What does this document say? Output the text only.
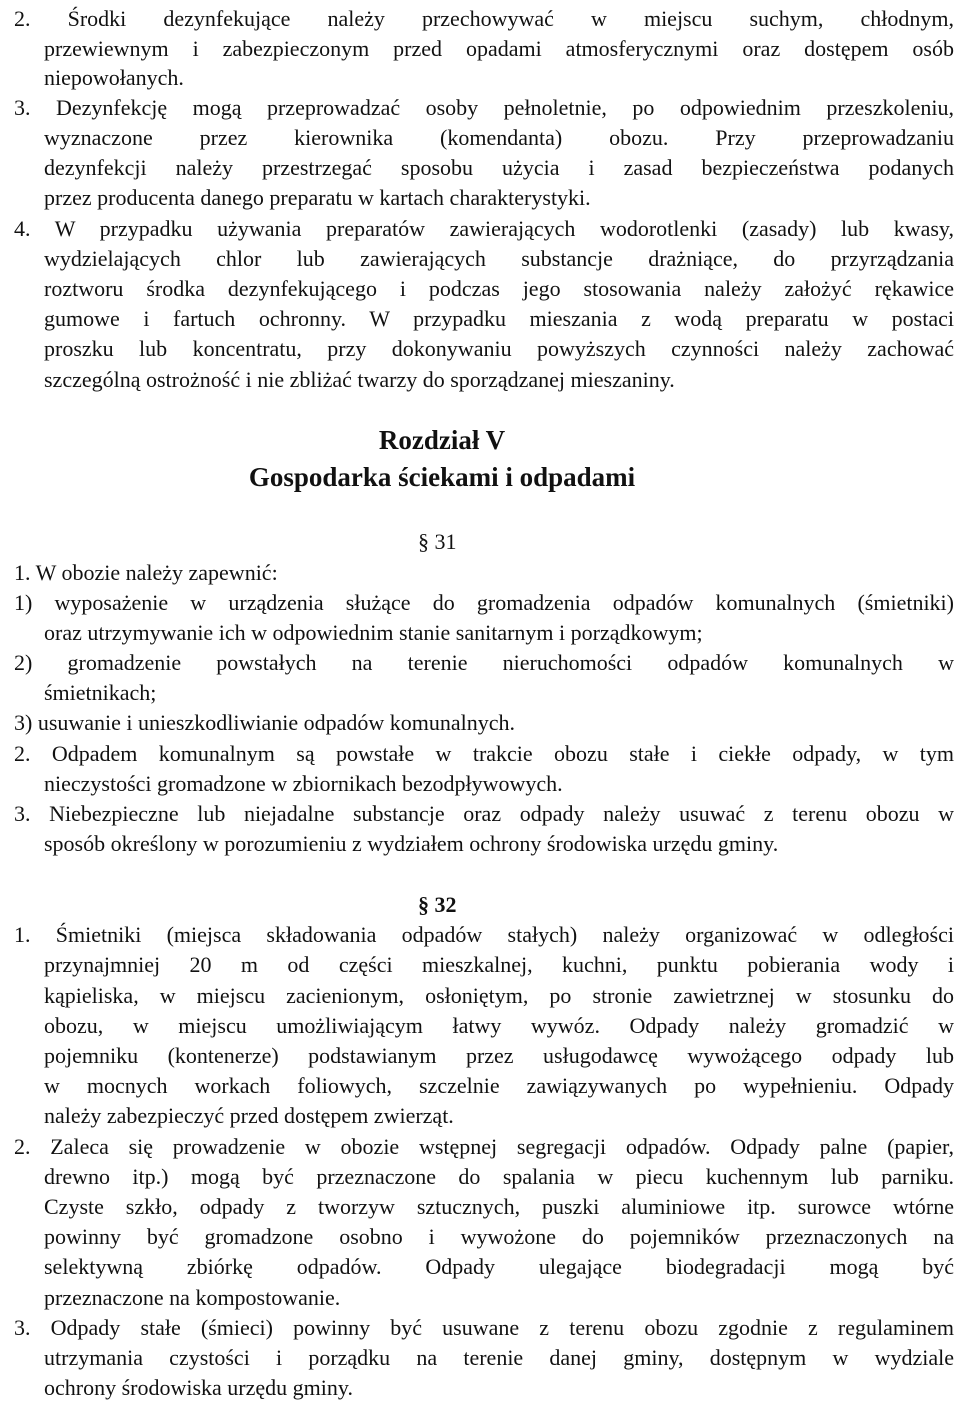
2. Środki dezynfekujące należy przechowywać w miejscu suchym, chłodnym,
przewiewnym i zabezpieczonym przed opadami atmosferycznymi oraz dostępem osób
niepowołanych.
3. Dezynfekcję mogą przeprowadzać osoby pełnoletnie, po odpowiednim przeszkoleniu,
wyznaczone przez kierownika (komendanta) obozu. Przy przeprowadzaniu
dezynfekcji należy przestrzegać sposobu użycia i zasad bezpieczeństwa podanych
przez producenta danego preparatu w kartach charakterystyki.
4. W przypadku używania preparatów zawierających wodorotlenki (zasady) lub kwasy,
wydzielających chlor lub zawierających substancje drażniące, do przyrządzania
roztworu środka dezynfekującego i podczas jego stosowania należy założyć rękawice
gumowe i fartuch ochronny. W przypadku mieszania z wodą preparatu w postaci
proszku lub koncentratu, przy dokonywaniu powyższych czynności należy zachować
szczególną ostrożność i nie zbliżać twarzy do sporządzanej mieszaniny.
Rozdział V
Gospodarka ściekami i odpadami
§ 31
1. W obozie należy zapewnić:
1) wyposażenie w urządzenia służące do gromadzenia odpadów komunalnych (śmietniki)
oraz utrzymywanie ich w odpowiednim stanie sanitarnym i porządkowym;
2) gromadzenie powstałych na terenie nieruchomości odpadów komunalnych w
śmietnikach;
3) usuwanie i unieszkodliwianie odpadów komunalnych.
2. Odpadem komunalnym są powstałe w trakcie obozu stałe i ciekłe odpady, w tym
nieczystości gromadzone w zbiornikach bezodpływowych.
3. Niebezpieczne lub niejadalne substancje oraz odpady należy usuwać z terenu obozu w
sposób określony w porozumieniu z wydziałem ochrony środowiska urzędu gminy.
§ 32
1. Śmietniki (miejsca składowania odpadów stałych) należy organizować w odległości
przynajmniej 20 m od części mieszkalnej, kuchni, punktu pobierania wody i
kąpieliska, w miejscu zacienionym, osłoniętym, po stronie zawietrznej w stosunku do
obozu, w miejscu umożliwiającym łatwy wywóz. Odpady należy gromadzić w
pojemniku (kontenerze) podstawianym przez usługodawcę wywożącego odpady lub
w mocnych workach foliowych, szczelnie zawiązywanych po wypełnieniu. Odpady
należy zabezpieczyć przed dostępem zwierząt.
2. Zaleca się prowadzenie w obozie wstępnej segregacji odpadów. Odpady palne (papier,
drewno itp.) mogą być przeznaczone do spalania w piecu kuchennym lub parniku.
Czyste szkło, odpady z tworzyw sztucznych, puszki aluminiowe itp. surowce wtórne
powinny być gromadzone osobno i wywożone do pojemników przeznaczonych na
selektywną zbiórkę odpadów. Odpady ulegające biodegradacji mogą być
przeznaczone na kompostowanie.
3. Odpady stałe (śmieci) powinny być usuwane z terenu obozu zgodnie z regulaminem
utrzymania czystości i porządku na terenie danej gminy, dostępnym w wydziale
ochrony środowiska urzędu gminy.
